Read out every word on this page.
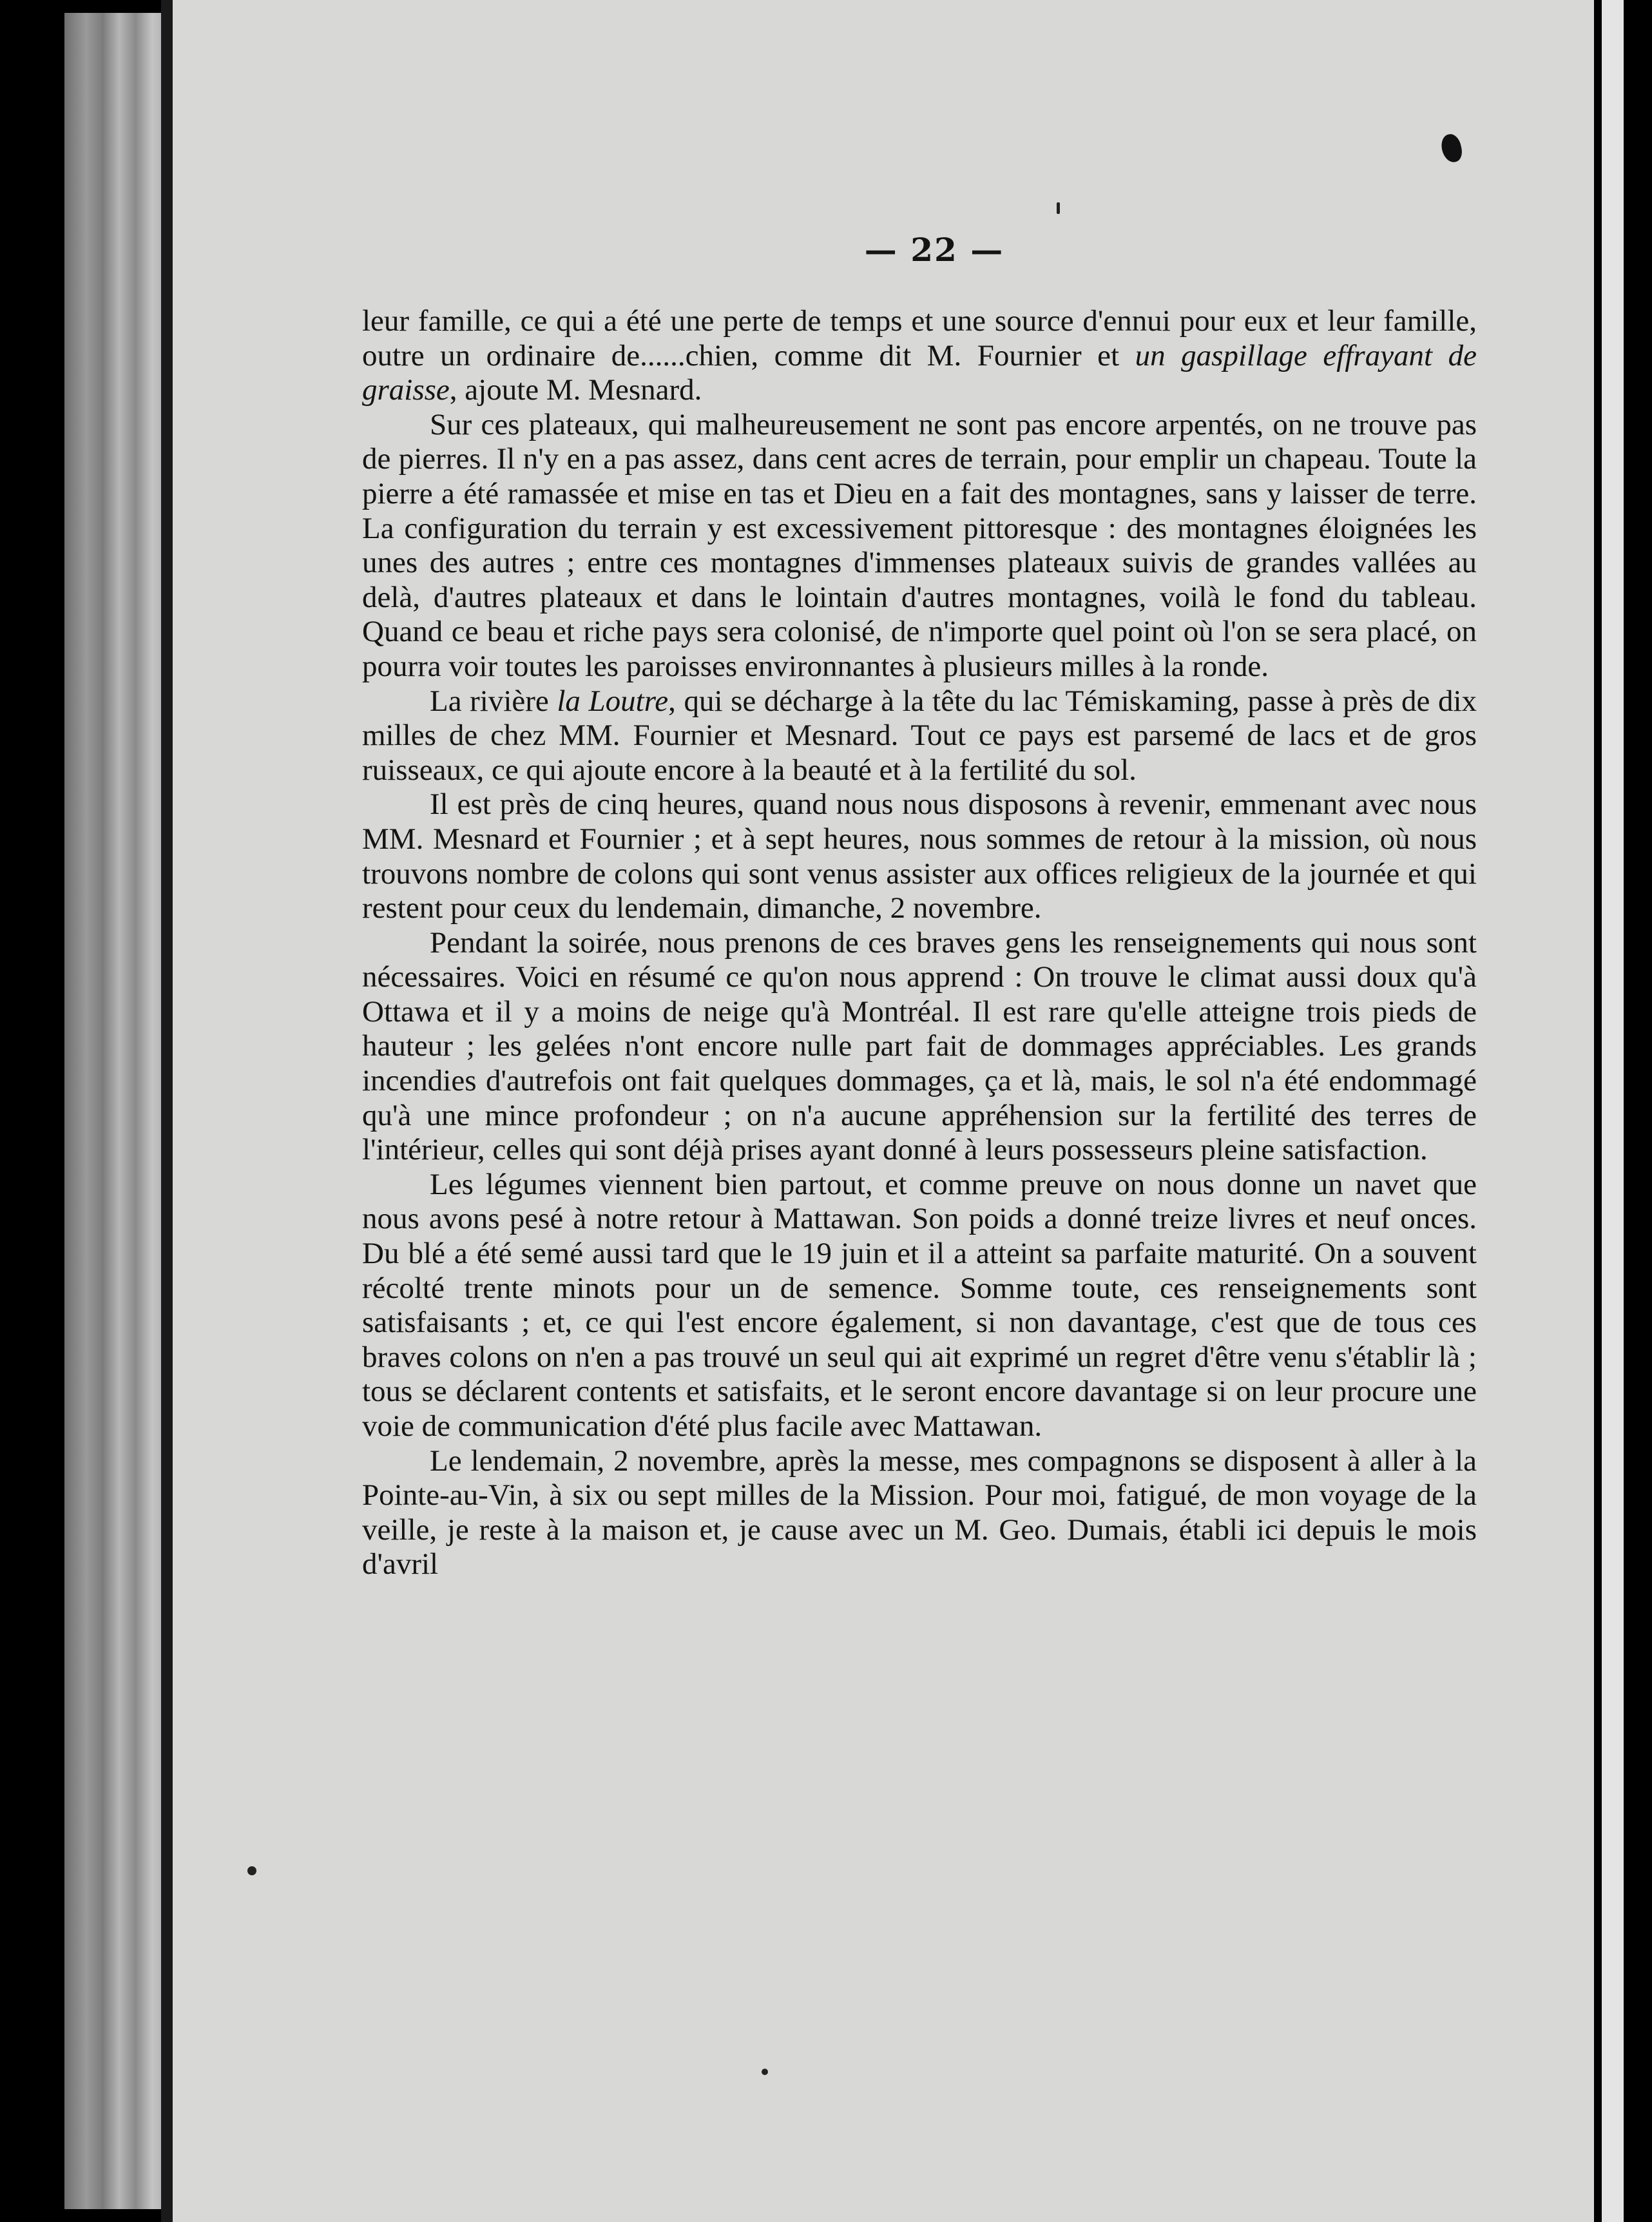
— 22 —

leur famille, ce qui a été une perte de temps et une source d'ennui pour eux et leur famille, outre un ordinaire de......chien, comme dit M. Fournier et un gaspillage effrayant de graisse, ajoute M. Mesnard.

Sur ces plateaux, qui malheureusement ne sont pas encore arpentés, on ne trouve pas de pierres. Il n'y en a pas assez, dans cent acres de terrain, pour emplir un chapeau. Toute la pierre a été ramassée et mise en tas et Dieu en a fait des montagnes, sans y laisser de terre. La configuration du terrain y est excessivement pittoresque : des montagnes éloignées les unes des autres ; entre ces montagnes d'immenses plateaux suivis de grandes vallées au delà, d'autres plateaux et dans le lointain d'autres montagnes, voilà le fond du tableau. Quand ce beau et riche pays sera colonisé, de n'importe quel point où l'on se sera placé, on pourra voir toutes les paroisses environnantes à plusieurs milles à la ronde.

La rivière la Loutre, qui se décharge à la tête du lac Témiskaming, passe à près de dix milles de chez MM. Fournier et Mesnard. Tout ce pays est parsemé de lacs et de gros ruisseaux, ce qui ajoute encore à la beauté et à la fertilité du sol.

Il est près de cinq heures, quand nous nous disposons à revenir, emmenant avec nous MM. Mesnard et Fournier ; et à sept heures, nous sommes de retour à la mission, où nous trouvons nombre de colons qui sont venus assister aux offices religieux de la journée et qui restent pour ceux du lendemain, dimanche, 2 novembre.

Pendant la soirée, nous prenons de ces braves gens les renseignements qui nous sont nécessaires. Voici en résumé ce qu'on nous apprend : On trouve le climat aussi doux qu'à Ottawa et il y a moins de neige qu'à Montréal. Il est rare qu'elle atteigne trois pieds de hauteur ; les gelées n'ont encore nulle part fait de dommages appréciables. Les grands incendies d'autrefois ont fait quelques dommages, ça et là, mais, le sol n'a été endommagé qu'à une mince profondeur ; on n'a aucune appréhension sur la fertilité des terres de l'intérieur, celles qui sont déjà prises ayant donné à leurs possesseurs pleine satisfaction.

Les légumes viennent bien partout, et comme preuve on nous donne un navet que nous avons pesé à notre retour à Mattawan. Son poids a donné treize livres et neuf onces. Du blé a été semé aussi tard que le 19 juin et il a atteint sa parfaite maturité. On a souvent récolté trente minots pour un de semence. Somme toute, ces renseignements sont satisfaisants ; et, ce qui l'est encore également, si non davantage, c'est que de tous ces braves colons on n'en a pas trouvé un seul qui ait exprimé un regret d'être venu s'établir là ; tous se déclarent contents et satisfaits, et le seront encore davantage si on leur procure une voie de communication d'été plus facile avec Mattawan.

Le lendemain, 2 novembre, après la messe, mes compagnons se disposent à aller à la Pointe-au-Vin, à six ou sept milles de la Mission. Pour moi, fatigué, de mon voyage de la veille, je reste à la maison et, je cause avec un M. Geo. Dumais, établi ici depuis le mois d'avril
